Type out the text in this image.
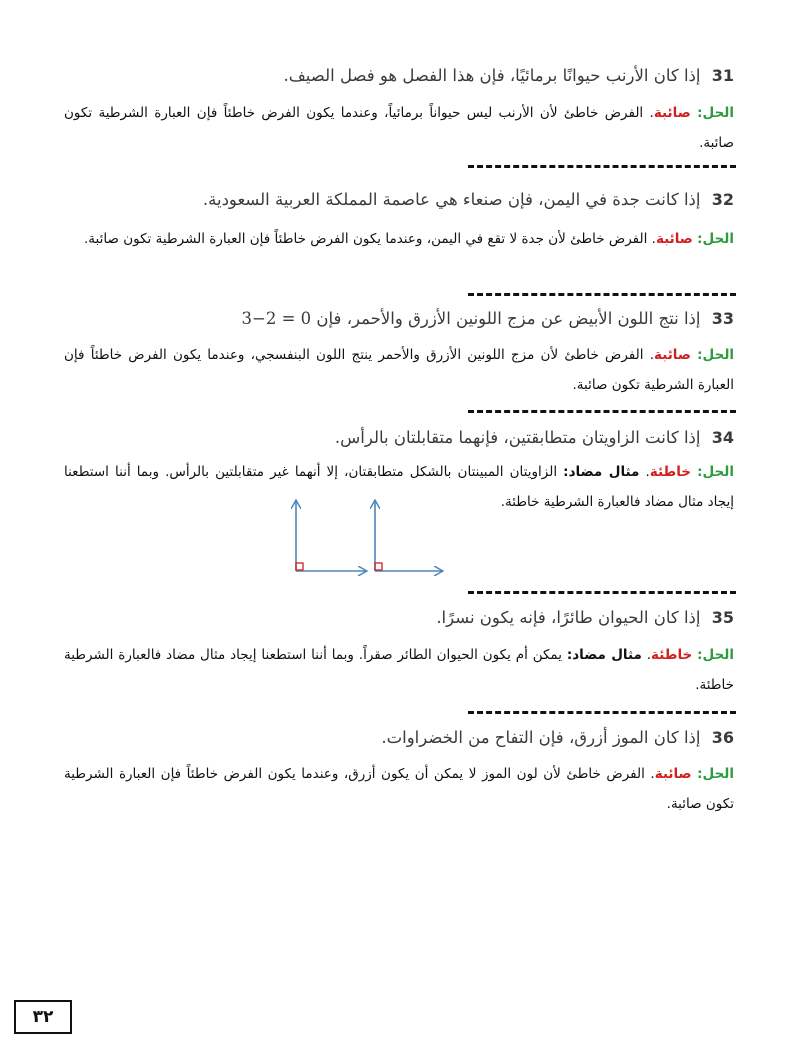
31 إذا كان الأرنب حيوانًا برمائيًا، فإن هذا الفصل هو فصل الصيف.
الحل: صائبة. الفرض خاطئ لأن الأرنب ليس حيواناً برمائياً، وعندما يكون الفرض خاطئاً فإن العبارة الشرطية تكون صائبة.
32 إذا كانت جدة في اليمن، فإن صنعاء هي عاصمة المملكة العربية السعودية.
الحل: صائبة. الفرض خاطئ لأن جدة لا تقع في اليمن، وعندما يكون الفرض خاطئاً فإن العبارة الشرطية تكون صائبة.
33 إذا نتج اللون الأبيض عن مزج اللونين الأزرق والأحمر، فإن 0 = 2−3
الحل: صائبة. الفرض خاطئ لأن مزج اللونين الأزرق والأحمر ينتج اللون البنفسجي، وعندما يكون الفرض خاطئاً فإن العبارة الشرطية تكون صائبة.
34 إذا كانت الزاويتان متطابقتين، فإنهما متقابلتان بالرأس.
الحل: خاطئة. مثال مضاد: الزاويتان المبينتان بالشكل متطابقتان، إلا أنهما غير متقابلتين بالرأس. وبما أننا استطعنا إيجاد مثال مضاد فالعبارة الشرطية خاطئة.
35 إذا كان الحيوان طائرًا، فإنه يكون نسرًا.
الحل: خاطئة. مثال مضاد: يمكن أم يكون الحيوان الطائر صقراً. وبما أننا استطعنا إيجاد مثال مضاد فالعبارة الشرطية خاطئة.
36 إذا كان الموز أزرق، فإن التفاح من الخضراوات.
الحل: صائبة. الفرض خاطئ لأن لون الموز لا يمكن أن يكون أزرق، وعندما يكون الفرض خاطئاً فإن العبارة الشرطية تكون صائبة.
٣٢
